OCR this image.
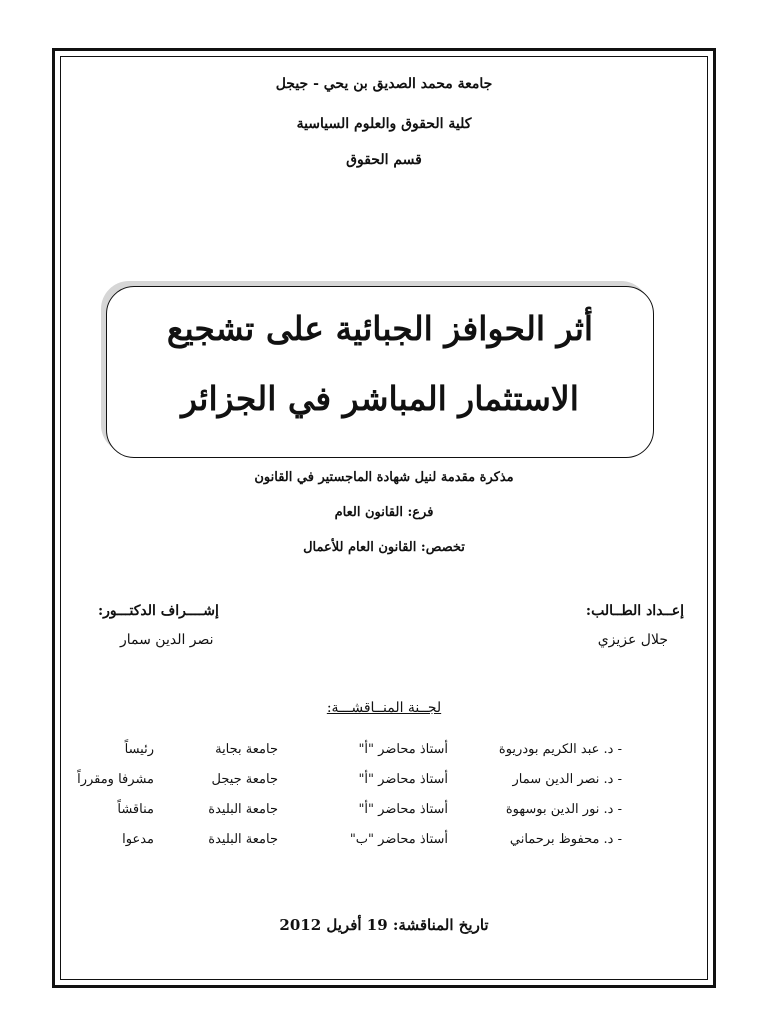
جامعة محمد الصديق بن يحي - جيجل
كلية الحقوق والعلوم السياسية
قسم الحقوق
أثر الحوافز الجبائية على تشجيع
الاستثمار المباشر في الجزائر
مذكرة مقدمة لنيل شهادة الماجستير في القانون
فرع: القانون العام
تخصص: القانون العام للأعمال
إعــداد الطــالب:
جلال عزيزي
إشــــراف الدكتـــور:
نصر الدين سمار
لجــنة المنــاقشـــة:
- د. عبد الكريم بودريوة
أستاذ محاضر "أ"
جامعة بجاية
رئيساً
- د. نصر الدين سمار
أستاذ محاضر "أ"
جامعة جيجل
مشرفا ومقرراً
- د. نور الدين بوسهوة
أستاذ محاضر "أ"
جامعة البليدة
مناقشاً
- د. محفوظ برحماني
أستاذ محاضر "ب"
جامعة البليدة
مدعوا
تاريخ المناقشة: 19 أفريل 2012
